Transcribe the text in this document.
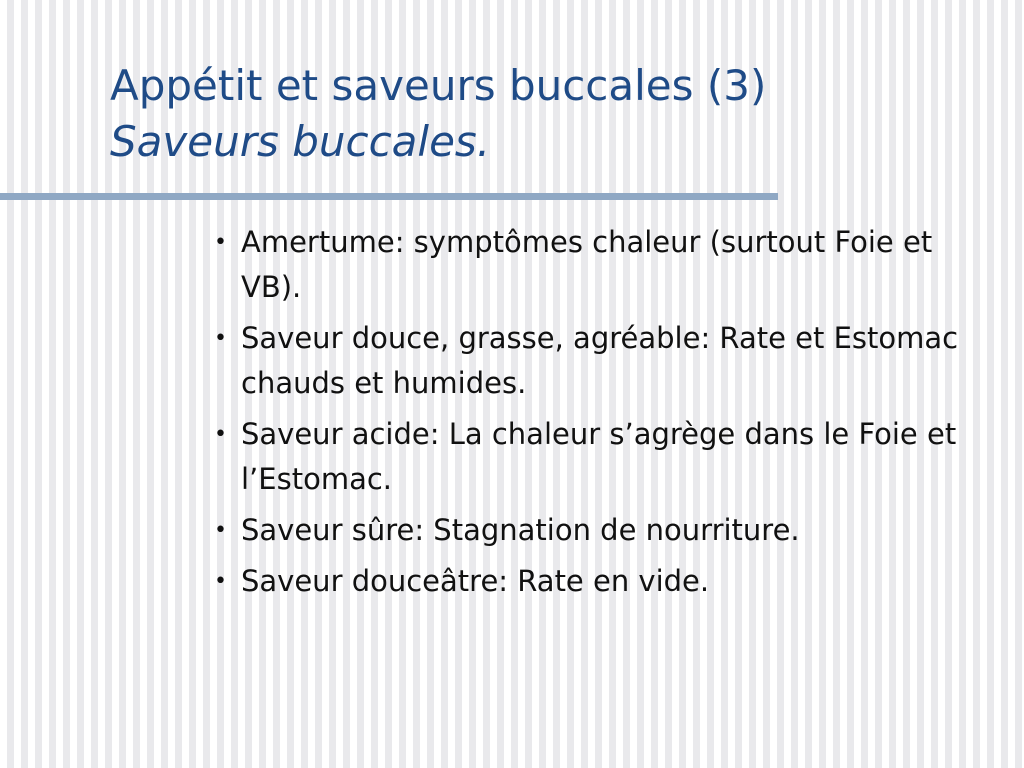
Appétit et saveurs buccales (3)
Saveurs buccales.
• Amertume: symptômes chaleur (surtout Foie et VB).
• Saveur douce, grasse, agréable: Rate et Estomac chauds et humides.
• Saveur acide: La chaleur s’agrège dans le Foie et l’Estomac.
• Saveur sûre: Stagnation de nourriture.
• Saveur douceâtre: Rate en vide.
